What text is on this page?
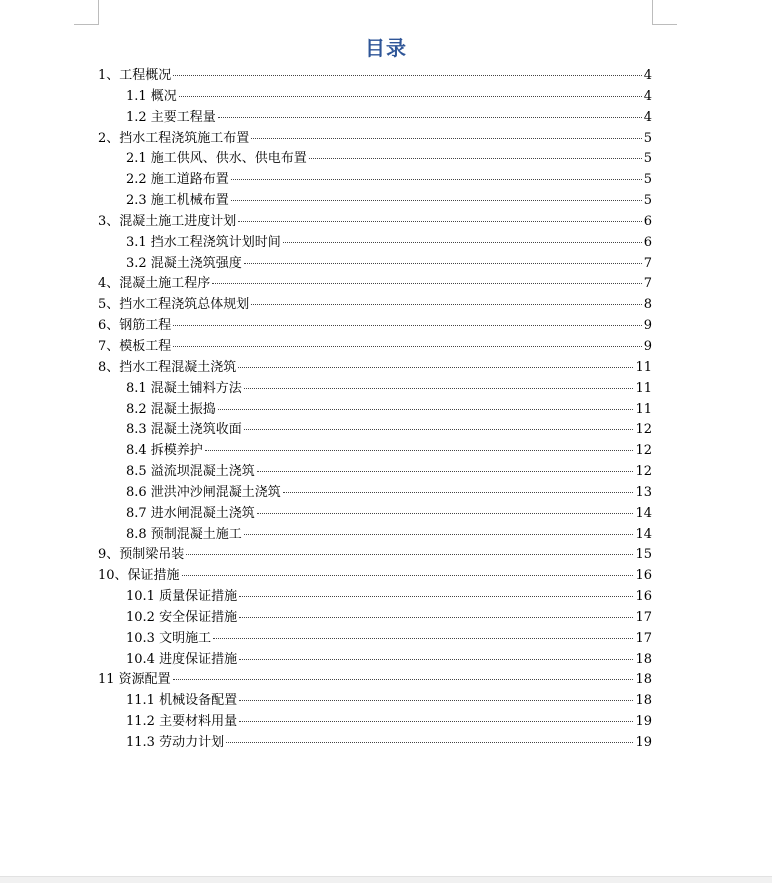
目录
1、工程概况	4
1.1 概况	4
1.2 主要工程量	4
2、挡水工程浇筑施工布置	5
2.1 施工供风、供水、供电布置	5
2.2 施工道路布置	5
2.3 施工机械布置	5
3、混凝土施工进度计划	6
3.1 挡水工程浇筑计划时间	6
3.2 混凝土浇筑强度	7
4、混凝土施工程序	7
5、挡水工程浇筑总体规划	8
6、钢筋工程	9
7、模板工程	9
8、挡水工程混凝土浇筑	11
8.1 混凝土铺料方法	11
8.2 混凝土振捣	11
8.3 混凝土浇筑收面	12
8.4 拆模养护	12
8.5 溢流坝混凝土浇筑	12
8.6 泄洪冲沙闸混凝土浇筑	13
8.7 进水闸混凝土浇筑	14
8.8 预制混凝土施工	14
9、预制梁吊装	15
10、保证措施	16
10.1 质量保证措施	16
10.2 安全保证措施	17
10.3 文明施工	17
10.4 进度保证措施	18
11 资源配置	18
11.1 机械设备配置	18
11.2 主要材料用量	19
11.3 劳动力计划	19
